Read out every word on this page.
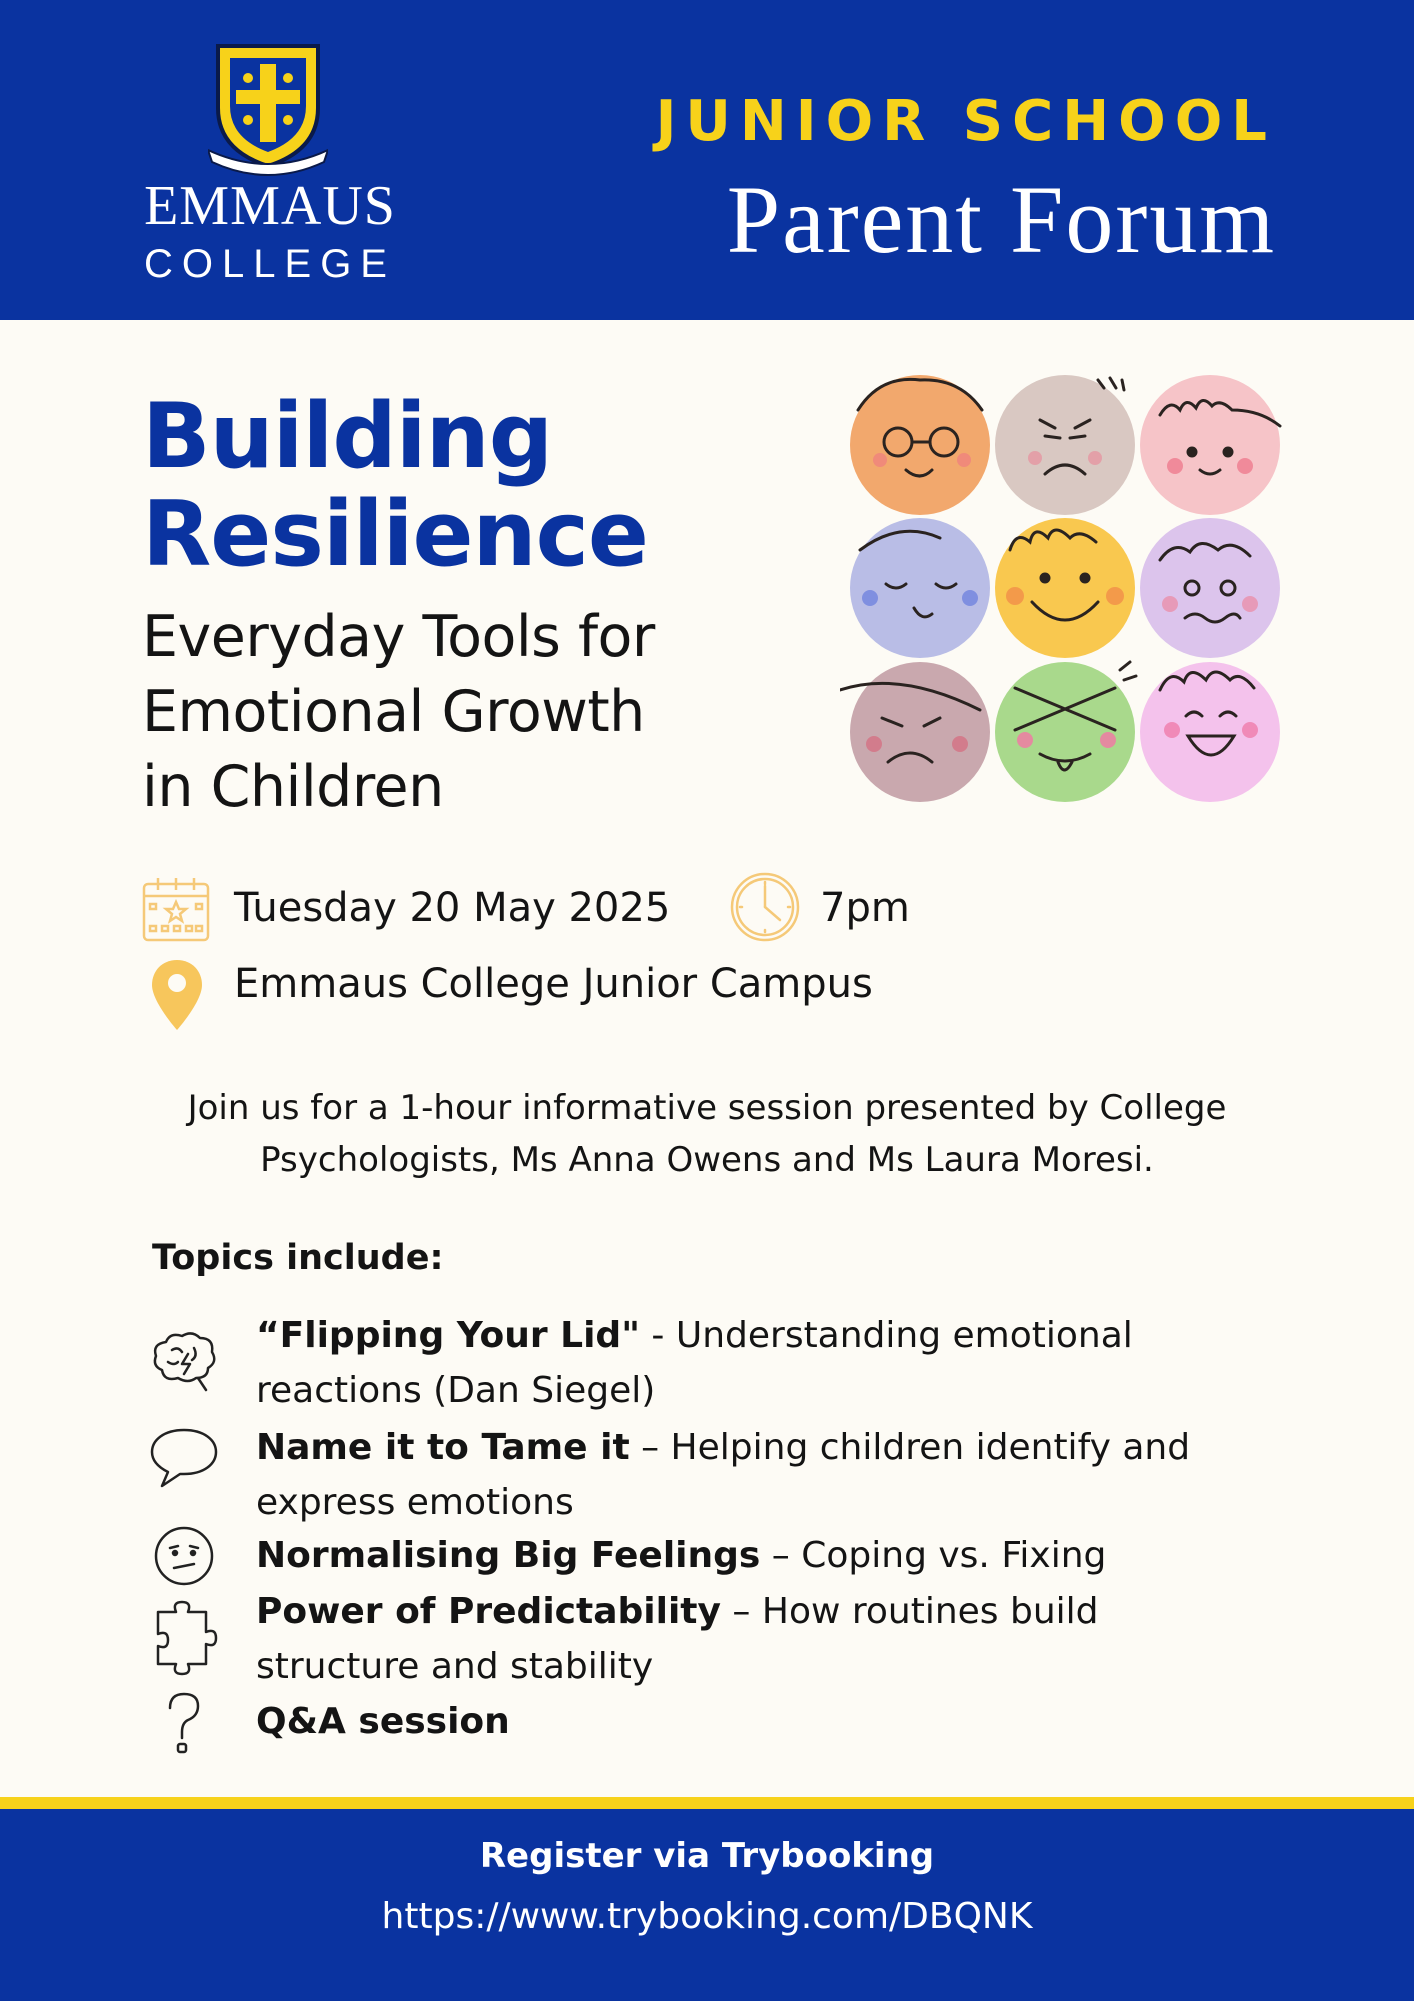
EMMAUS
COLLEGE
JUNIOR SCHOOL
Parent Forum
Building
Resilience
Everyday Tools for
Emotional Growth
in Children
Tuesday 20 May 2025	7pm
Emmaus College Junior Campus
Join us for a 1-hour informative session presented by College
Psychologists, Ms Anna Owens and Ms Laura Moresi.
Topics include:
“Flipping Your Lid" - Understanding emotional
reactions (Dan Siegel)
Name it to Tame it – Helping children identify and
express emotions
Normalising Big Feelings – Coping vs. Fixing
Power of Predictability – How routines build
structure and stability
Q&A session
Register via Trybooking
https://www.trybooking.com/DBQNK
